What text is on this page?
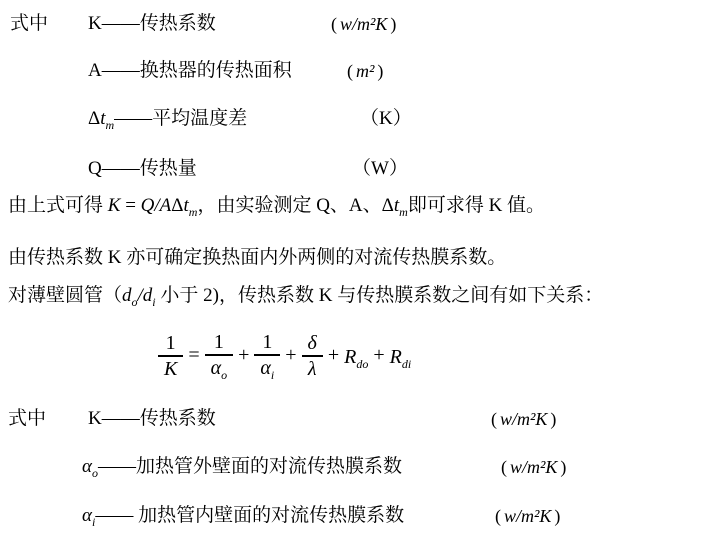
式中 K——传热系数	( w/m²K )
A——换热器的传热面积	( m² )
$\Delta t_m——$平均温度差	（K）
Q——传热量	（W）
由上式可得 K = Q/AΔt$_m$，由实验测定 Q、A、$\Delta t_m$即可求得 K 值。
由传热系数 K 亦可确定换热面内外两侧的对流传热膜系数。
对薄壁圆管（$d_o/d_i$ 小于 2)，传热系数 K 与传热膜系数之间有如下关系：
$\frac{1}{K} = \frac{1}{\alpha_o} + \frac{1}{\alpha_i} + \frac{\delta}{\lambda} + R_{do} + R_{di}$
式中 K——传热系数	( w/m²K )
$\alpha_o——$加热管外壁面的对流传热膜系数	( w/m²K )
$\alpha_i——$ 加热管内壁面的对流传热膜系数	( w/m²K )
